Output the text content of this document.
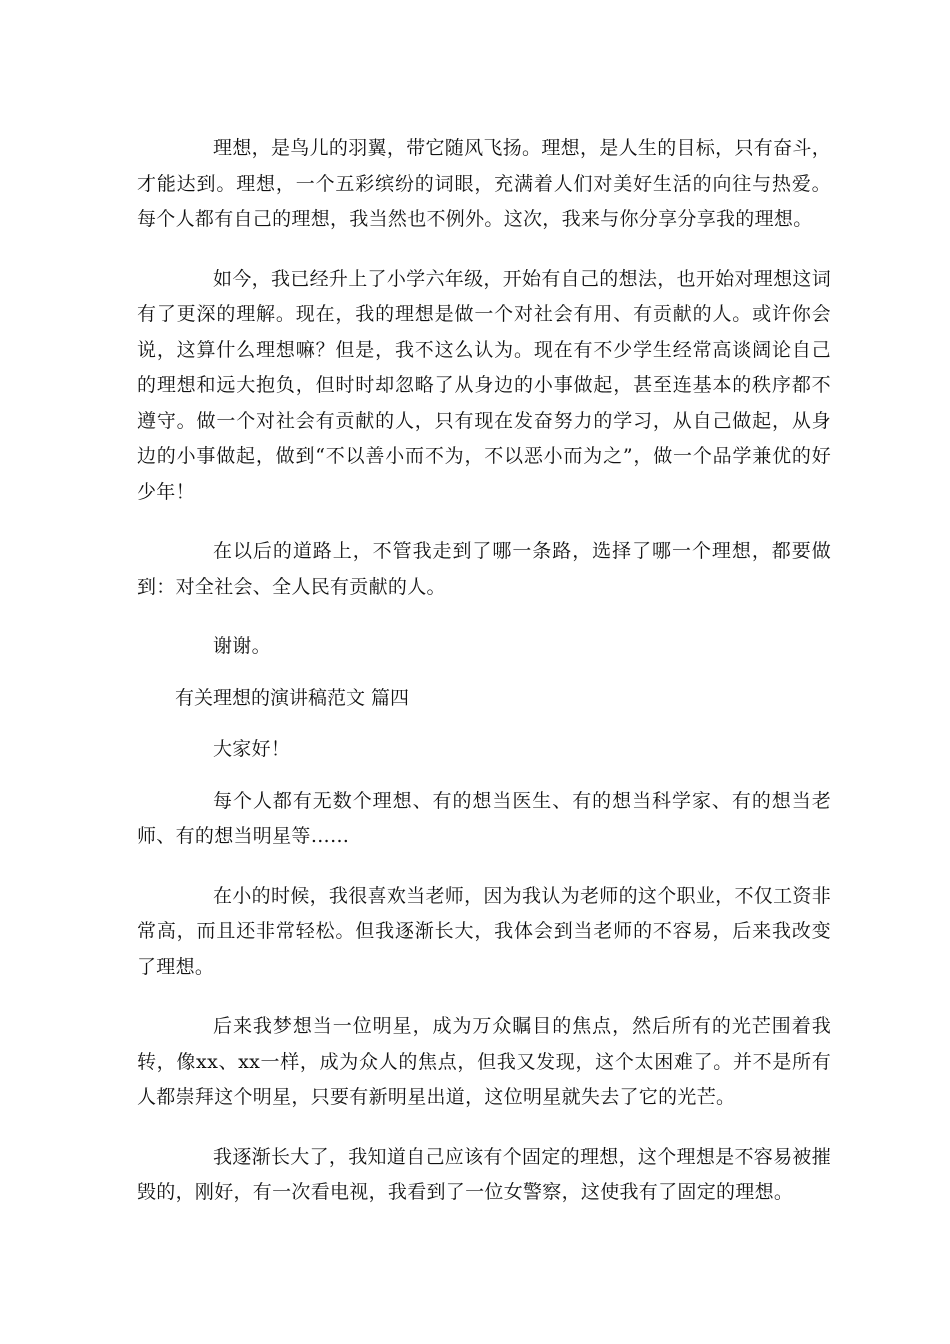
理想，是鸟儿的羽翼，带它随风飞扬。理想，是人生的目标，只有奋斗，才能达到。理想，一个五彩缤纷的词眼，充满着人们对美好生活的向往与热爱。每个人都有自己的理想，我当然也不例外。这次，我来与你分享分享我的理想。

如今，我已经升上了小学六年级，开始有自己的想法，也开始对理想这词有了更深的理解。现在，我的理想是做一个对社会有用、有贡献的人。或许你会说，这算什么理想嘛？但是，我不这么认为。现在有不少学生经常高谈阔论自己的理想和远大抱负，但时时却忽略了从身边的小事做起，甚至连基本的秩序都不遵守。做一个对社会有贡献的人，只有现在发奋努力的学习，从自己做起，从身边的小事做起，做到“不以善小而不为，不以恶小而为之”，做一个品学兼优的好少年！

在以后的道路上，不管我走到了哪一条路，选择了哪一个理想，都要做到：对全社会、全人民有贡献的人。

谢谢。

有关理想的演讲稿范文 篇四

大家好！

每个人都有无数个理想、有的想当医生、有的想当科学家、有的想当老师、有的想当明星等……

在小的时候，我很喜欢当老师，因为我认为老师的这个职业，不仅工资非常高，而且还非常轻松。但我逐渐长大，我体会到当老师的不容易，后来我改变了理想。

后来我梦想当一位明星，成为万众瞩目的焦点，然后所有的光芒围着我转，像xx、xx一样，成为众人的焦点，但我又发现，这个太困难了。并不是所有人都崇拜这个明星，只要有新明星出道，这位明星就失去了它的光芒。

我逐渐长大了，我知道自己应该有个固定的理想，这个理想是不容易被摧毁的，刚好，有一次看电视，我看到了一位女警察，这使我有了固定的理想。
